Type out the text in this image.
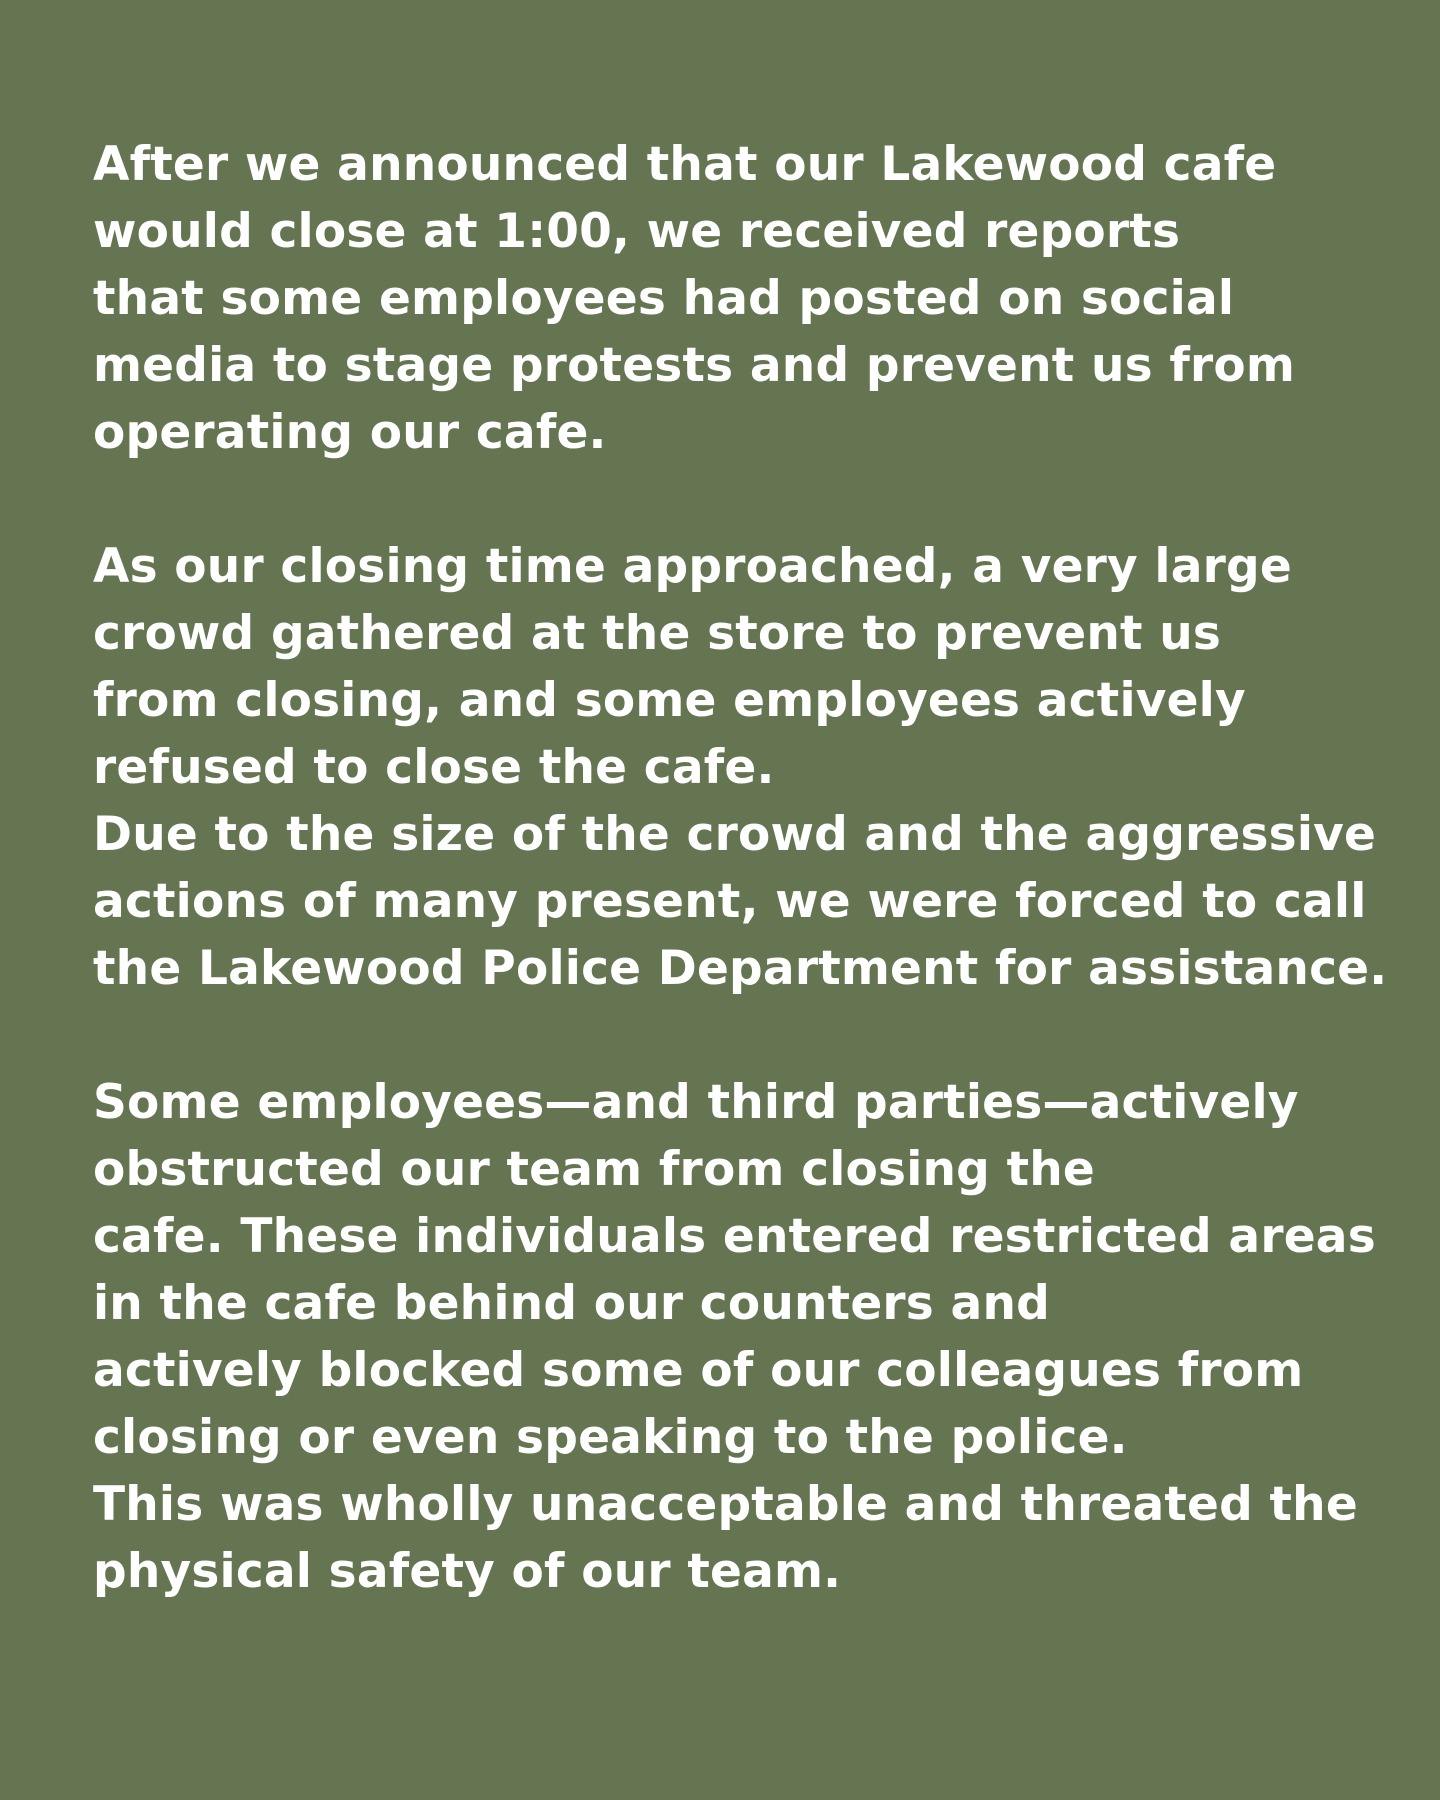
After we announced that our Lakewood cafe
would close at 1:00, we received reports
that some employees had posted on social
media to stage protests and prevent us from
operating our cafe.

As our closing time approached, a very large
crowd gathered at the store to prevent us
from closing, and some employees actively
refused to close the cafe.

Due to the size of the crowd and the aggressive
actions of many present, we were forced to call
the Lakewood Police Department for assistance.

Some employees—and third parties—actively
obstructed our team from closing the
cafe. These individuals entered restricted areas
in the cafe behind our counters and
actively blocked some of our colleagues from
closing or even speaking to the police.

This was wholly unacceptable and threated the
physical safety of our team.
